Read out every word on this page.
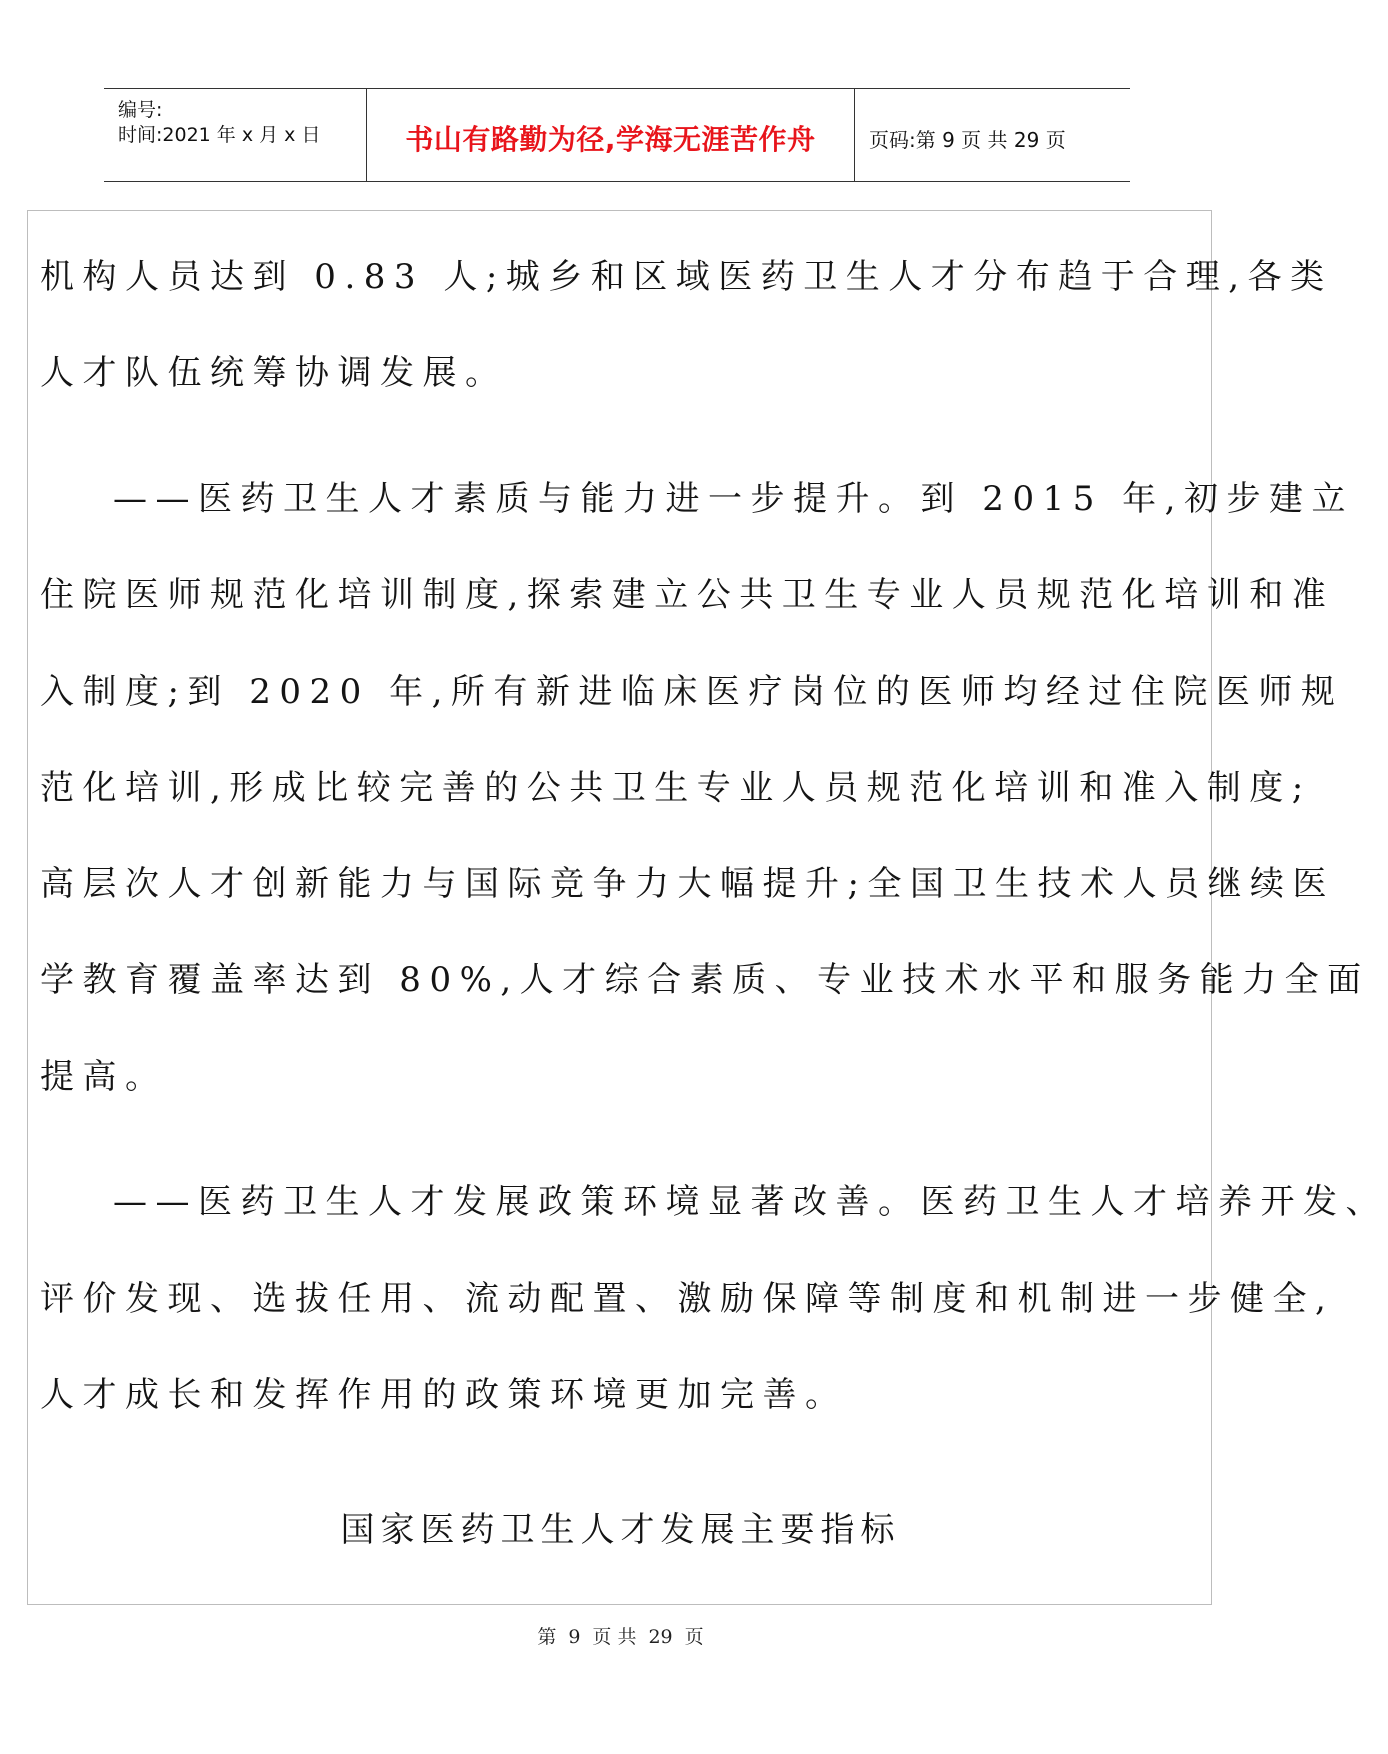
编号:
时间:2021 年 x 月 x 日	书山有路勤为径,学海无涯苦作舟	页码:第 9 页 共 29 页
机构人员达到 0.83 人;城乡和区域医药卫生人才分布趋于合理,各类
人才队伍统筹协调发展。
——医药卫生人才素质与能力进一步提升。到 2015 年,初步建立
住院医师规范化培训制度,探索建立公共卫生专业人员规范化培训和准
入制度;到 2020 年,所有新进临床医疗岗位的医师均经过住院医师规
范化培训,形成比较完善的公共卫生专业人员规范化培训和准入制度;
高层次人才创新能力与国际竞争力大幅提升;全国卫生技术人员继续医
学教育覆盖率达到 80%,人才综合素质、专业技术水平和服务能力全面
提高。
——医药卫生人才发展政策环境显著改善。医药卫生人才培养开发、
评价发现、选拔任用、流动配置、激励保障等制度和机制进一步健全,
人才成长和发挥作用的政策环境更加完善。
国家医药卫生人才发展主要指标
第 9 页 共 29 页
